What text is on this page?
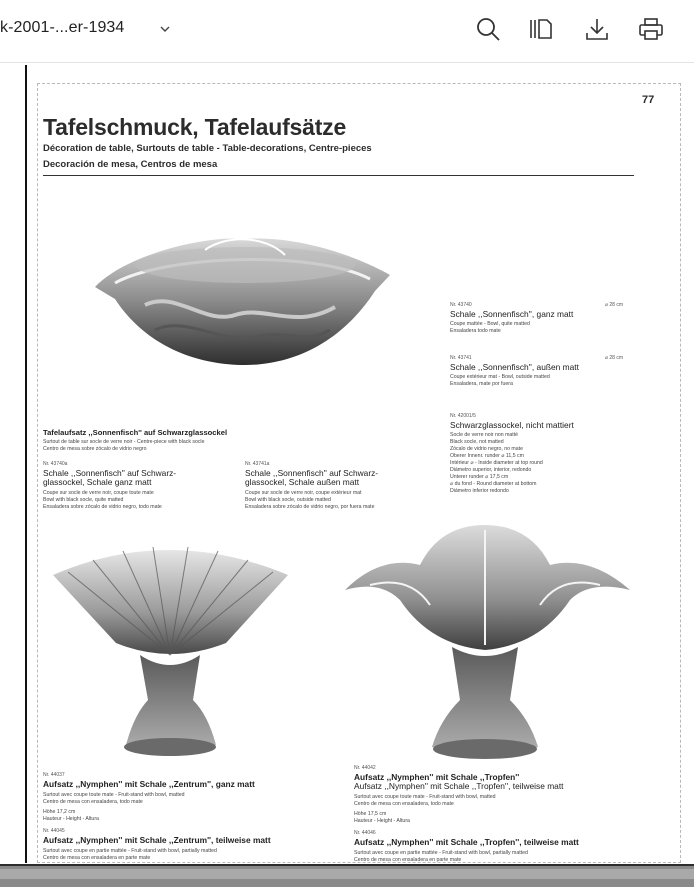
k-2001-...er-1934
77
Tafelschmuck, Tafelaufsätze
Décoration de table, Surtouts de table - Table-decorations, Centre-pieces
Decoración de mesa, Centros de mesa
Nr. 43740	⌀ 28 cm
Schale ,,Sonnenfisch'', ganz matt
Coupe mattée - Bowl, quite matted
Ensaladera todo mate
Nr. 43741	⌀ 28 cm
Schale ,,Sonnenfisch'', außen matt
Coupe extérieur mat - Bowl, outside matted
Ensaladera, mate por fuera
Nr. 42001/5
Schwarzglassockel, nicht mattiert
Socle de verre noir non matté
Black socle, not matted
Zócalo de vidrio negro, no mate
Oberer Innenr. runder ⌀ 11,5 cm
Intérieur ⌀ - Inside diameter at top round
Diámetro superior, interior, redondo
Unterer runder ⌀ 17,5 cm
⌀ du fond - Round diameter at bottom
Diámetro inferior redondo
Tafelaufsatz ,,Sonnenfisch'' auf Schwarzglassockel
Surtout de table sur socle de verre noir - Centre-piece with black socle
Centro de mesa sobre zócalo de vidrio negro
Nr. 43740a
Schale ,,Sonnenfisch'' auf Schwarz-
glassockel, Schale ganz matt
Coupe sur socle de verre noir, coupe toute mate
Bowl with black socle, quite matted
Ensaladera sobre zócalo de vidrio negro, todo mate
Nr. 43741a
Schale ,,Sonnenfisch'' auf Schwarz-
glassockel, Schale außen matt
Coupe sur socle de verre noir, coupe extérieur mat
Bowl with black socle, outside matted
Ensaladera sobre zócalo de vidrio negro, por fuera mate
Nr. 44037
Aufsatz ,,Nymphen'' mit Schale ,,Zentrum'', ganz matt
Surtout avec coupe toute mate - Fruit-stand with bowl, matted
Centro de mesa con ensaladera, todo mate
Höhe 17,2 cm
Hauteur - Height - Altura
Nr. 44045
Aufsatz ,,Nymphen'' mit Schale ,,Zentrum'', teilweise matt
Surtout avec coupe en partie mattée - Fruit-stand with bowl, partially matted
Centro de mesa con ensaladera en parte mate
Nr. 44042
Aufsatz ,,Nymphen'' mit Schale ,,Tropfen''
Aufsatz ,,Nymphen'' mit Schale ,,Tropfen'', teilweise matt
Surtout avec coupe toute mate - Fruit-stand with bowl, matted
Centro de mesa con ensaladera, todo mate
Höhe 17,5 cm
Hauteur - Height - Altura
Nr. 44046
Aufsatz ,,Nymphen'' mit Schale ,,Tropfen'', teilweise matt
Surtout avec coupe en partie mattée - Fruit-stand with bowl, partially matted
Centro de mesa con ensaladera en parte mate
